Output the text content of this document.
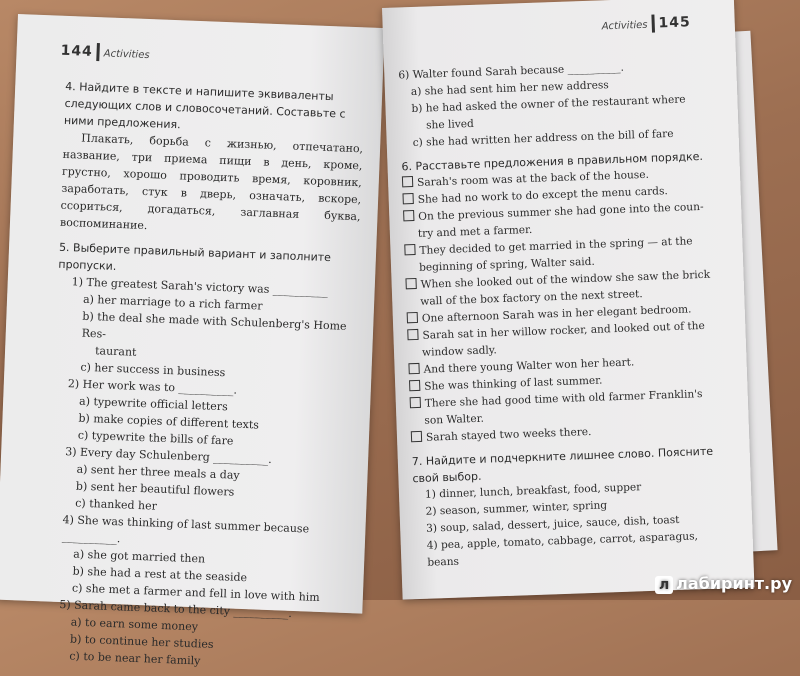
144 Activities
4. Найдите в тексте и напишите эквиваленты следующих слов и словосочетаний. Составьте с ними предложения.
Плакать, борьба с жизнью, отпечатано, название, три приема пищи в день, кроме, грустно, хорошо проводить время, коровник, заработать, стук в дверь, означать, вскоре, ссориться, догадаться, заглавная буква, воспоминание.
5. Выберите правильный вариант и заполните пропуски.
1) The greatest Sarah's victory was __________
a) her marriage to a rich farmer
b) the deal she made with Schulenberg's Home Res-
taurant
c) her success in business
2) Her work was to __________.
a) typewrite official letters
b) make copies of different texts
c) typewrite the bills of fare
3) Every day Schulenberg __________.
a) sent her three meals a day
b) sent her beautiful flowers
c) thanked her
4) She was thinking of last summer because __________.
a) she got married then
b) she had a rest at the seaside
c) she met a farmer and fell in love with him
5) Sarah came back to the city __________.
a) to earn some money
b) to continue her studies
c) to be near her family
Activities 145
6) Walter found Sarah because __________.
a) she had sent him her new address
b) he had asked the owner of the restaurant where
she lived
c) she had written her address on the bill of fare
6. Расставьте предложения в правильном порядке.
Sarah's room was at the back of the house.
She had no work to do except the menu cards.
On the previous summer she had gone into the coun-
try and met a farmer.
They decided to get married in the spring — at the
beginning of spring, Walter said.
When she looked out of the window she saw the brick
wall of the box factory on the next street.
One afternoon Sarah was in her elegant bedroom.
Sarah sat in her willow rocker, and looked out of the
window sadly.
And there young Walter won her heart.
She was thinking of last summer.
There she had good time with old farmer Franklin's
son Walter.
Sarah stayed two weeks there.
7. Найдите и подчеркните лишнее слово. Поясните свой выбор.
1) dinner, lunch, breakfast, food, supper
2) season, summer, winter, spring
3) soup, salad, dessert, juice, sauce, dish, toast
4) pea, apple, tomato, cabbage, carrot, asparagus, beans
л лабиринт.ру
